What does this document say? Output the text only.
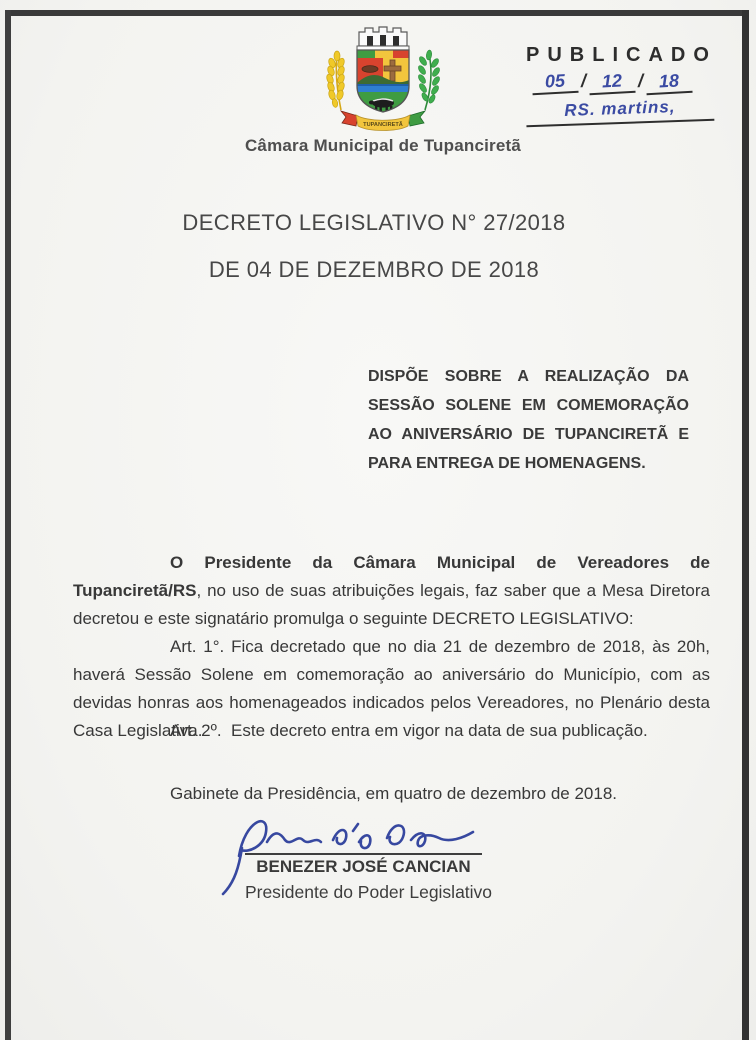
TUPANCIRETÃ
Câmara Municipal de Tupanciretã
PUBLICADO
05 / 12 / 18
RS. martins,
DECRETO LEGISLATIVO N° 27/2018
DE 04 DE DEZEMBRO DE 2018
DISPÕE SOBRE A REALIZAÇÃO DA SESSÃO SOLENE EM COMEMORAÇÃO AO ANIVERSÁRIO DE TUPANCIRETÃ E PARA ENTREGA DE HOMENAGENS.

O Presidente da Câmara Municipal de Vereadores de Tupanciretã/RS, no uso de suas atribuições legais, faz saber que a Mesa Diretora decretou e este signatário promulga o seguinte DECRETO LEGISLATIVO:

Art. 1°. Fica decretado que no dia 21 de dezembro de 2018, às 20h, haverá Sessão Solene em comemoração ao aniversário do Município, com as devidas honras aos homenageados indicados pelos Vereadores, no Plenário desta Casa Legislativa.

Art. 2º.  Este decreto entra em vigor na data de sua publicação.

Gabinete da Presidência, em quatro de dezembro de 2018.

BENEZER JOSÉ CANCIAN
Presidente do Poder Legislativo
